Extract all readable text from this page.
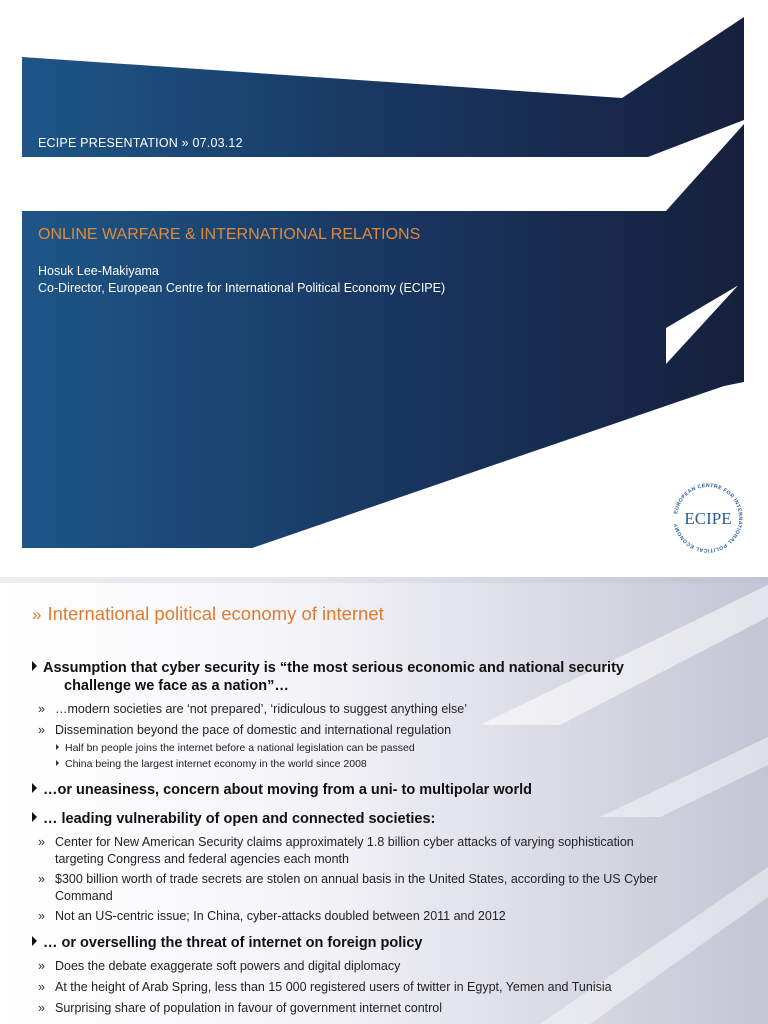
ECIPE PRESENTATION » 07.03.12
ONLINE WARFARE & INTERNATIONAL RELATIONS
Hosuk Lee-Makiyama
Co-Director, European Centre for International Political Economy (ECIPE)
EUROPEAN CENTRE FOR INTERNATIONAL POLITICAL ECONOMY ECIPE
» International political economy of internet
Assumption that cyber security is “the most serious economic and national security
challenge we face as a nation”…
» …modern societies are ‘not prepared’, ‘ridiculous to suggest anything else’
» Dissemination beyond the pace of domestic and international regulation
Half bn people joins the internet before a national legislation can be passed
China being the largest internet economy in the world since 2008
…or uneasiness, concern about moving from a uni- to multipolar world
… leading vulnerability of open and connected societies:
» Center for New American Security claims approximately 1.8 billion cyber attacks of varying sophistication
targeting Congress and federal agencies each month
» $300 billion worth of trade secrets are stolen on annual basis in the United States, according to the US Cyber
Command
» Not an US-centric issue; In China, cyber-attacks doubled between 2011 and 2012
… or overselling the threat of internet on foreign policy
» Does the debate exaggerate soft powers and digital diplomacy
» At the height of Arab Spring, less than 15 000 registered users of twitter in Egypt, Yemen and Tunisia
» Surprising share of population in favour of government internet control
